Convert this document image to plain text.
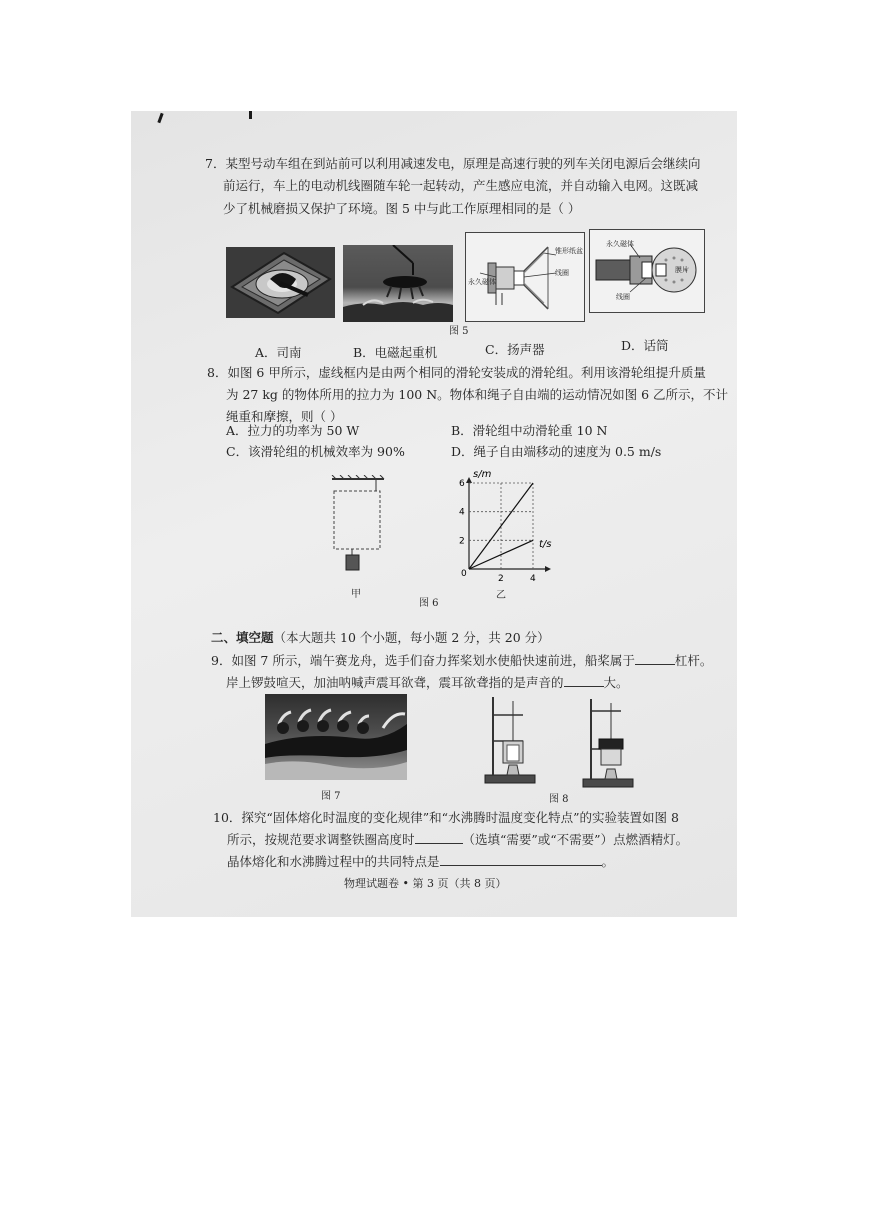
7．某型号动车组在到站前可以利用减速发电，原理是高速行驶的列车关闭电源后会继续向
前运行，车上的电动机线圈随车轮一起转动，产生感应电流，并自动输入电网。这既减
少了机械磨损又保护了环境。图 5 中与此工作原理相同的是（ ）
锥形纸盆
线圈
永久磁体
永久磁体
膜片
线圈
图 5
A．司南	B．电磁起重机	C．扬声器	D．话筒
8．如图 6 甲所示，虚线框内是由两个相同的滑轮安装成的滑轮组。利用该滑轮组提升质量
为 27 kg 的物体所用的拉力为 100 N。物体和绳子自由端的运动情况如图 6 乙所示，不计
绳重和摩擦，则（ ）
A．拉力的功率为 50 W	B．滑轮组中动滑轮重 10 N
C．该滑轮组的机械效率为 90%	D．绳子自由端移动的速度为 0.5 m/s
s/m
t/s
0
2
4
6
2	4
甲
图 6
乙
二、填空题（本大题共 10 个小题，每小题 2 分，共 20 分）
9．如图 7 所示，端午赛龙舟，选手们奋力挥桨划水使船快速前进，船桨属于	杠杆。
岸上锣鼓喧天，加油呐喊声震耳欲聋，震耳欲聋指的是声音的	大。
图 7	图 8
10．探究“固体熔化时温度的变化规律”和“水沸腾时温度变化特点”的实验装置如图 8
所示，按规范要求调整铁圈高度时	（选填“需要”或“不需要”）点燃酒精灯。
晶体熔化和水沸腾过程中的共同特点是	。
物理试题卷 • 第 3 页（共 8 页）
